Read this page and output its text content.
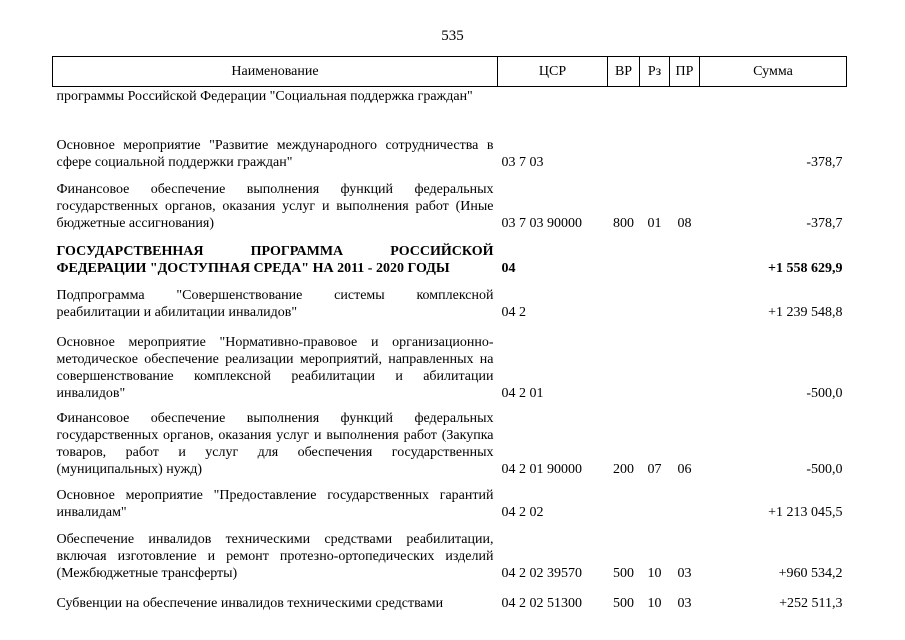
535
Наименование	ЦСР	ВР	Рз	ПР	Сумма
программы Российской Федерации "Социальная поддержка граждан"					
Основное мероприятие "Развитие международного сотрудничества в сфере социальной поддержки граждан"	03 7 03				-378,7
Финансовое обеспечение выполнения функций федеральных государственных органов, оказания услуг и выполнения работ (Иные бюджетные ассигнования)	03 7 03 90000	800	01	08	-378,7
ГОСУДАРСТВЕННАЯ ПРОГРАММА РОССИЙСКОЙ ФЕДЕРАЦИИ "ДОСТУПНАЯ СРЕДА" НА 2011 - 2020 ГОДЫ	04				+1 558 629,9
Подпрограмма "Совершенствование системы комплексной реабилитации и абилитации инвалидов"	04 2				+1 239 548,8
Основное мероприятие "Нормативно-правовое и организационно-методическое обеспечение реализации мероприятий, направленных на совершенствование комплексной реабилитации и абилитации инвалидов"	04 2 01				-500,0
Финансовое обеспечение выполнения функций федеральных государственных органов, оказания услуг и выполнения работ (Закупка товаров, работ и услуг для обеспечения государственных (муниципальных) нужд)	04 2 01 90000	200	07	06	-500,0
Основное мероприятие "Предоставление государственных гарантий инвалидам"	04 2 02				+1 213 045,5
Обеспечение инвалидов техническими средствами реабилитации, включая изготовление и ремонт протезно-ортопедических изделий (Межбюджетные трансферты)	04 2 02 39570	500	10	03	+960 534,2
Субвенции на обеспечение инвалидов техническими средствами	04 2 02 51300	500	10	03	+252 511,3
